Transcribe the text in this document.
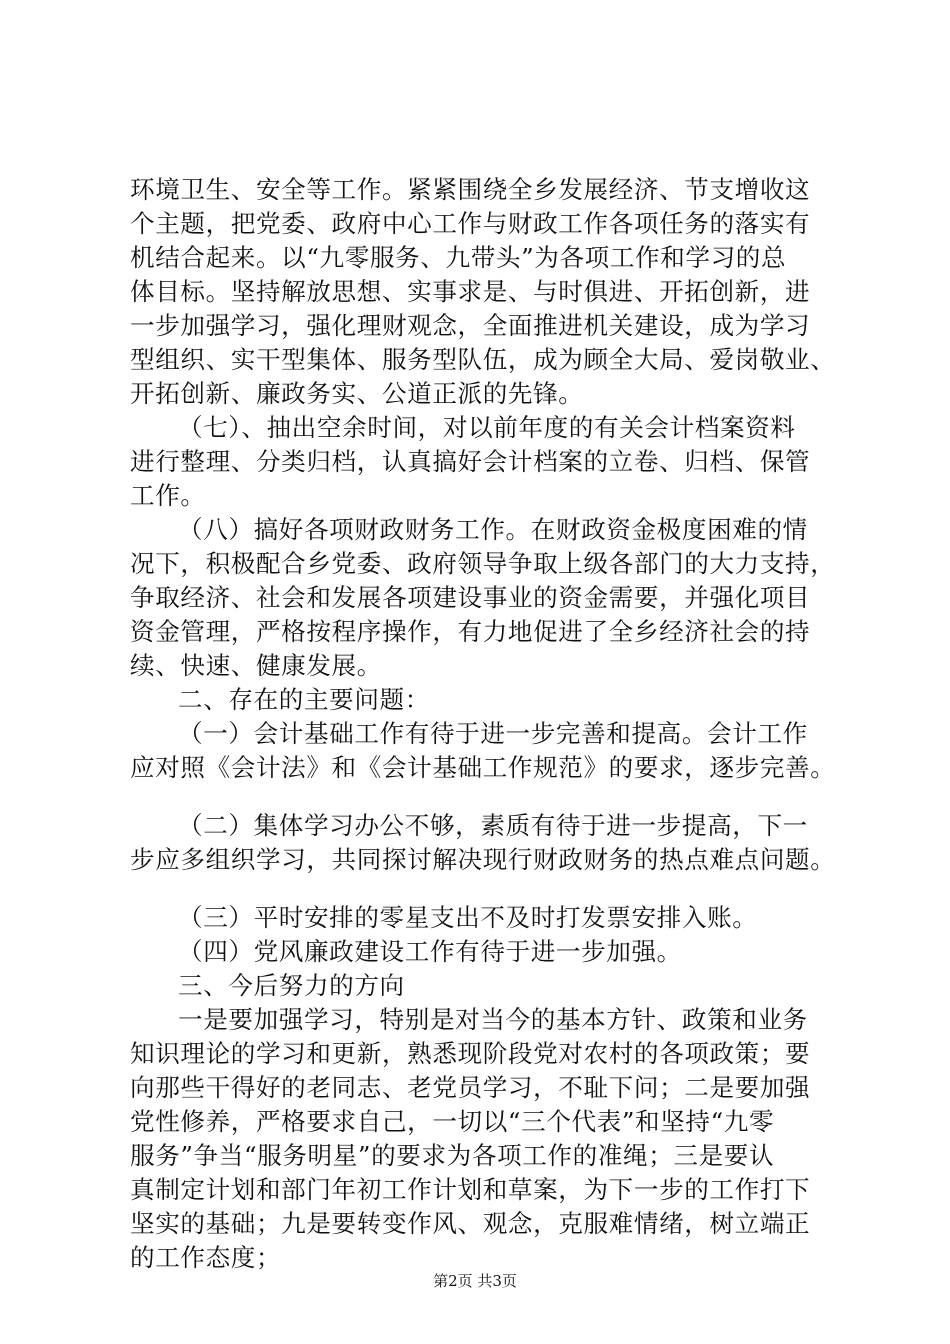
环境卫生、安全等工作。紧紧围绕全乡发展经济、节支增收这
个主题，把党委、政府中心工作与财政工作各项任务的落实有
机结合起来。以“九零服务、九带头”为各项工作和学习的总
体目标。坚持解放思想、实事求是、与时俱进、开拓创新，进
一步加强学习，强化理财观念，全面推进机关建设，成为学习
型组织、实干型集体、服务型队伍，成为顾全大局、爱岗敬业、
开拓创新、廉政务实、公道正派的先锋。
（七）、抽出空余时间，对以前年度的有关会计档案资料
进行整理、分类归档，认真搞好会计档案的立卷、归档、保管
工作。
（八）搞好各项财政财务工作。在财政资金极度困难的情
况下，积极配合乡党委、政府领导争取上级各部门的大力支持，
争取经济、社会和发展各项建设事业的资金需要，并强化项目
资金管理，严格按程序操作，有力地促进了全乡经济社会的持
续、快速、健康发展。
二、存在的主要问题：
（一）会计基础工作有待于进一步完善和提高。会计工作
应对照《会计法》和《会计基础工作规范》的要求，逐步完善。
（二）集体学习办公不够，素质有待于进一步提高，下一
步应多组织学习，共同探讨解决现行财政财务的热点难点问题。
（三）平时安排的零星支出不及时打发票安排入账。
（四）党风廉政建设工作有待于进一步加强。
三、今后努力的方向
一是要加强学习，特别是对当今的基本方针、政策和业务
知识理论的学习和更新，熟悉现阶段党对农村的各项政策；要
向那些干得好的老同志、老党员学习，不耻下问；二是要加强
党性修养，严格要求自己，一切以“三个代表”和坚持“九零
服务”争当“服务明星”的要求为各项工作的准绳；三是要认
真制定计划和部门年初工作计划和草案，为下一步的工作打下
坚实的基础；九是要转变作风、观念，克服难情绪，树立端正
的工作态度；
第2页 共3页
